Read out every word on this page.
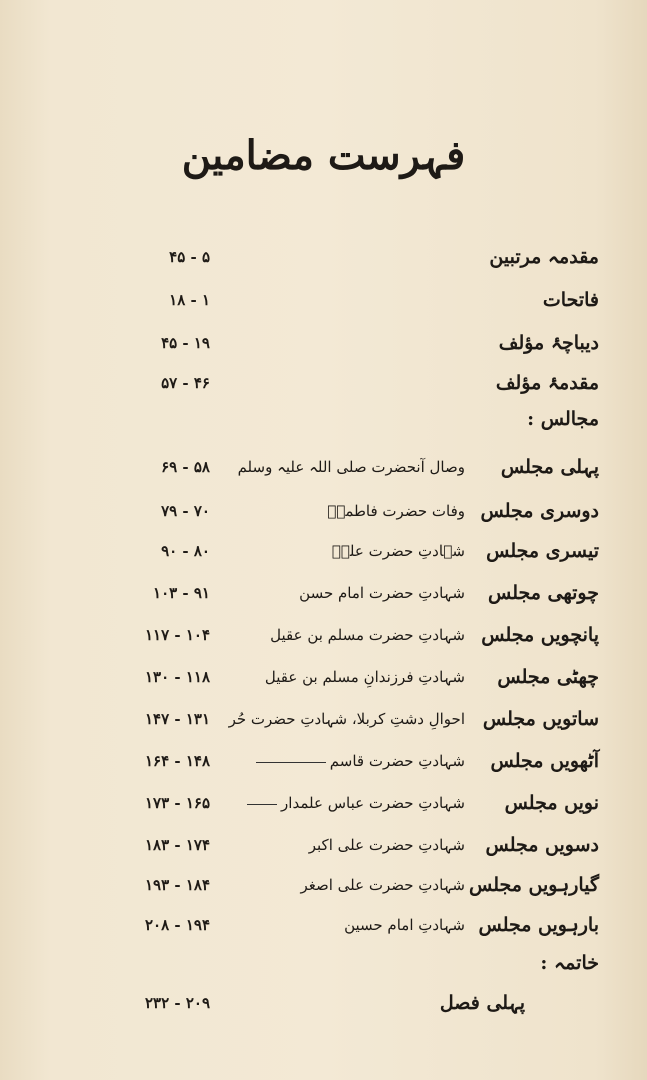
فہرست مضامین
مقدمہ مرتبین
۵ - ۴۵
فاتحات
۱ - ۱۸
دیباچۂ مؤلف
۱۹ - ۴۵
مقدمۂ مؤلف
۴۶ - ۵۷
مجالس :
پہلی مجلس
وصال آنحضرت صلی اللہ علیہ وسلم
۵۸ - ۶۹
دوسری مجلس
وفات حضرت فاطمہؓ
۷۰ - ۷۹
تیسری مجلس
شہادتِ حضرت علیؓ
۸۰ - ۹۰
چوتھی مجلس
شہادتِ حضرت امام حسن
۹۱ - ۱۰۳
پانچویں مجلس
شہادتِ حضرت مسلم بن عقیل
۱۰۴ - ۱۱۷
چھٹی مجلس
شہادتِ فرزندانِ مسلم بن عقیل
۱۱۸ - ۱۳۰
ساتویں مجلس
احوالِ دشتِ کربلا، شہادتِ حضرت حُر
۱۳۱ - ۱۴۷
آٹھویں مجلس
شہادتِ حضرت قاسم
۱۴۸ - ۱۶۴
نویں مجلس
شہادتِ حضرت عباس علمدار
۱۶۵ - ۱۷۳
دسویں مجلس
شہادتِ حضرت علی اکبر
۱۷۴ - ۱۸۳
گیارہویں مجلس
شہادتِ حضرت علی اصغر
۱۸۴ - ۱۹۳
بارہویں مجلس
شہادتِ امام حسین
۱۹۴ - ۲۰۸
خاتمہ :
پہلی فصل
۲۰۹ - ۲۳۲
